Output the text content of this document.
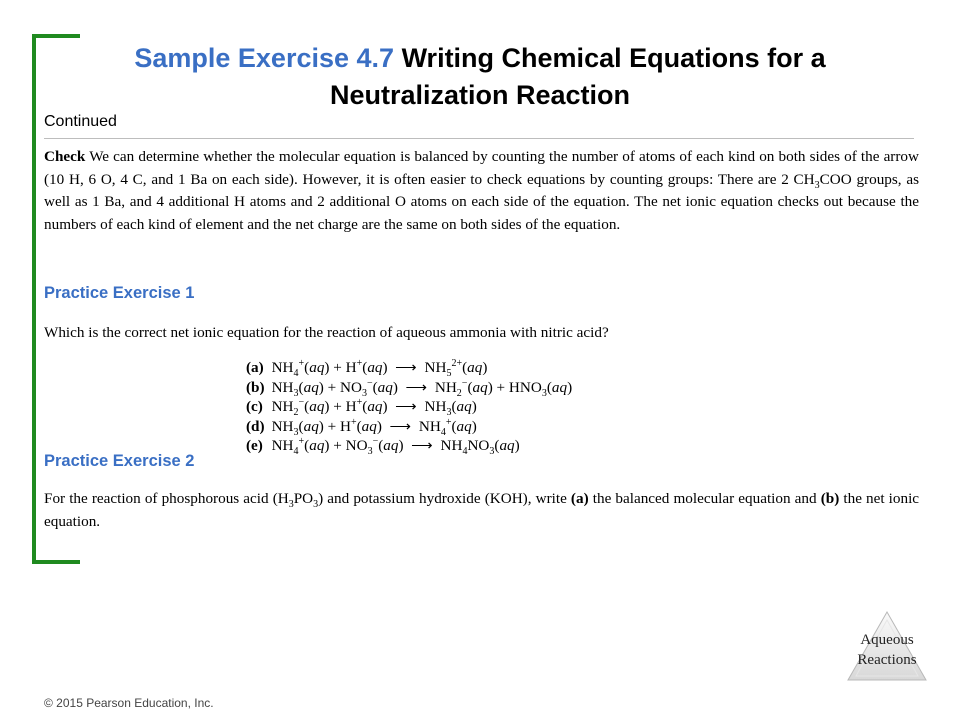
Sample Exercise 4.7 Writing Chemical Equations for a
Neutralization Reaction
Continued
Check We can determine whether the molecular equation is balanced by counting the number of atoms of each kind on both sides of the arrow (10 H, 6 O, 4 C, and 1 Ba on each side). However, it is often easier to check equations by counting groups: There are 2 $CH_3COO$ groups, as well as 1 Ba, and 4 additional H atoms and 2 additional O atoms on each side of the equation. The net ionic equation checks out because the numbers of each kind of element and the net charge are the same on both sides of the equation.
Practice Exercise 1
Which is the correct net ionic equation for the reaction of aqueous ammonia with nitric acid?
(a)  $NH_4^+(aq) + H^+(aq)$  ⟶  $NH_5^{2+}(aq)$
(b)  $NH_3(aq) + NO_3^-(aq)$  ⟶  $NH_2^-(aq) + HNO_3(aq)$
(c)  $NH_2^-(aq) + H^+(aq)$  ⟶  $NH_3(aq)$
(d)  $NH_3(aq) + H^+(aq)$  ⟶  $NH_4^+(aq)$
(e)  $NH_4^+(aq) + NO_3^-(aq)$  ⟶  $NH_4NO_3(aq)$
Practice Exercise 2
For the reaction of phosphorous acid $(H_3PO_3)$ and potassium hydroxide (KOH), write (a) the balanced molecular equation and (b) the net ionic equation.
Aqueous
Reactions
© 2015 Pearson Education, Inc.
